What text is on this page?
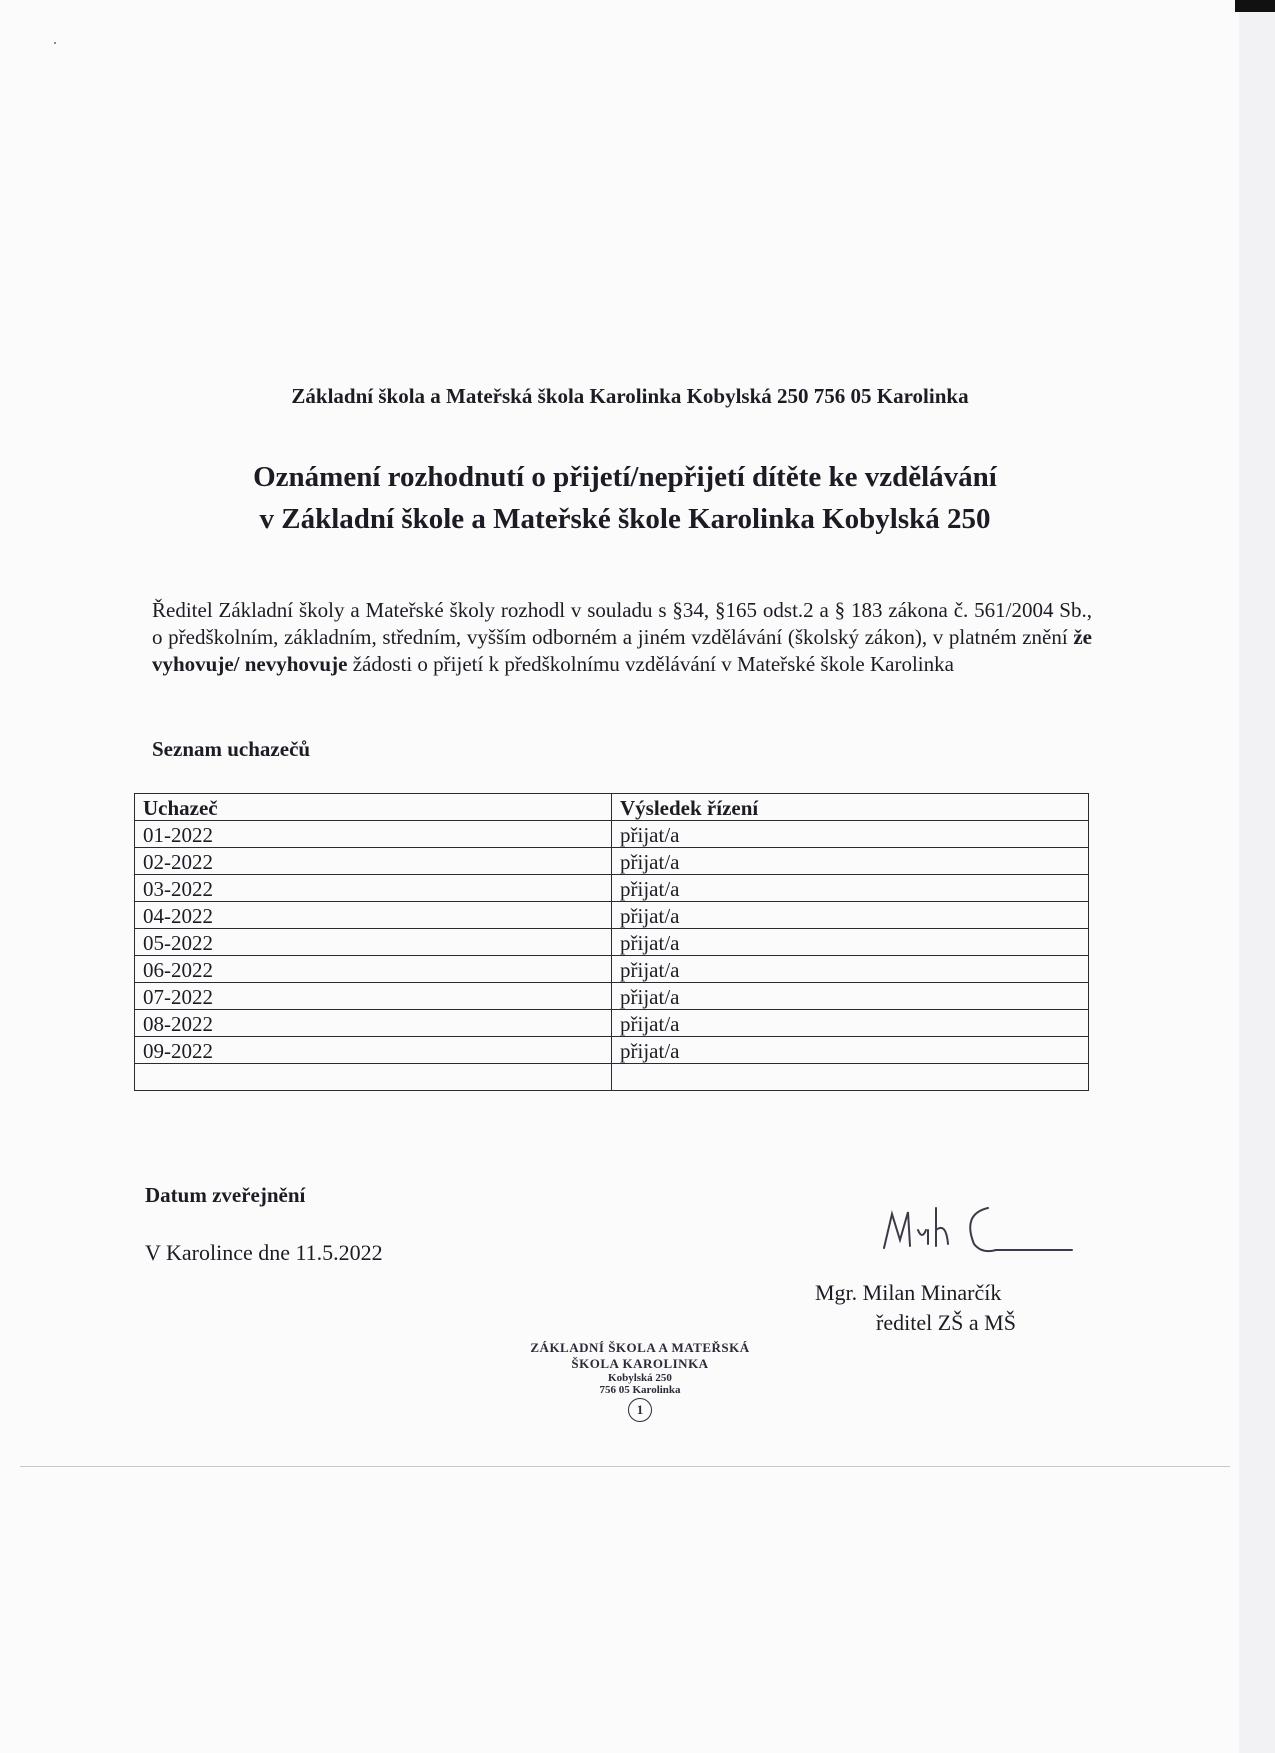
Základní škola a Mateřská škola Karolinka Kobylská 250 756 05 Karolinka
Oznámení rozhodnutí o přijetí/nepřijetí dítěte ke vzdělávání
v Základní škole a Mateřské škole Karolinka Kobylská 250
Ředitel Základní školy a Mateřské školy rozhodl v souladu s §34, §165 odst.2 a § 183 zákona č. 561/2004 Sb., o předškolním, základním, středním, vyšším odborném a jiném vzdělávání (školský zákon), v platném znění že vyhovuje/ nevyhovuje žádosti o přijetí k předškolnímu vzdělávání v Mateřské škole Karolinka
Seznam uchazečů
Uchazeč	Výsledek řízení
01-2022	přijat/a
02-2022	přijat/a
03-2022	přijat/a
04-2022	přijat/a
05-2022	přijat/a
06-2022	přijat/a
07-2022	přijat/a
08-2022	přijat/a
09-2022	přijat/a

Datum zveřejnění
V Karolince dne 11.5.2022
Mgr. Milan Minarčík
ředitel ZŠ a MŠ
ZÁKLADNÍ ŠKOLA A MATEŘSKÁ
ŠKOLA KAROLINKA
Kobylská 250
756 05 Karolinka
1
